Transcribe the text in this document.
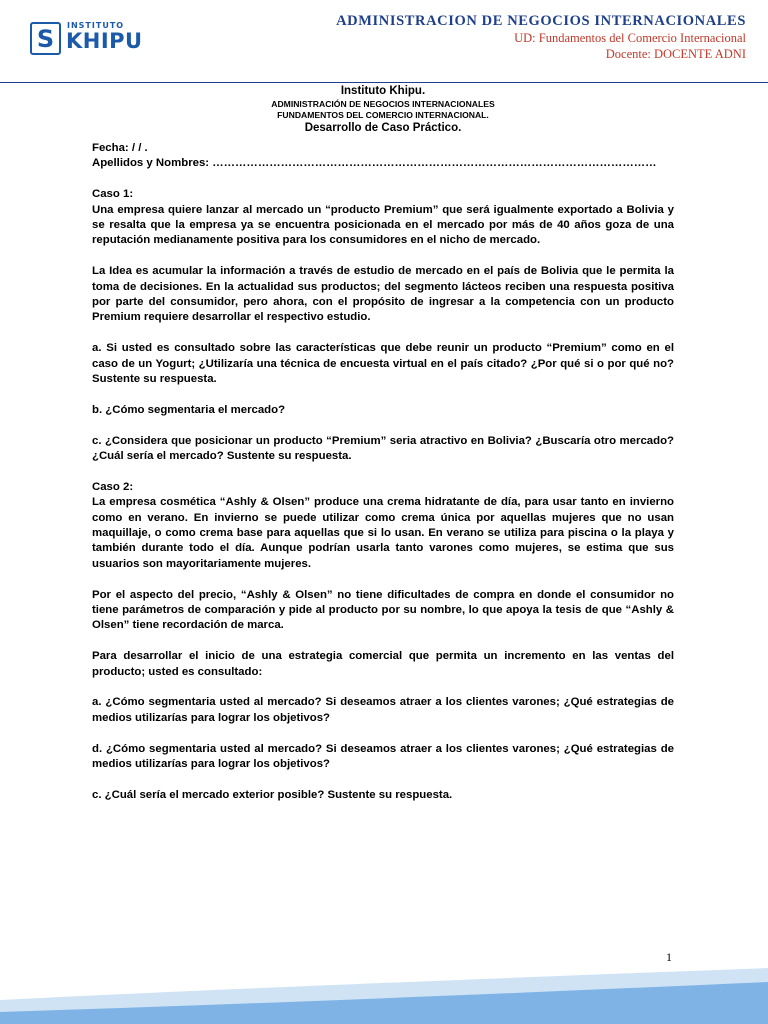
S INSTITUTO
KHIPU
ADMINISTRACION DE NEGOCIOS INTERNACIONALES
UD: Fundamentos del Comercio Internacional
Docente: DOCENTE ADNI
Instituto Khipu.
ADMINISTRACIÓN DE NEGOCIOS INTERNACIONALES
FUNDAMENTOS DEL COMERCIO INTERNACIONAL.
Desarrollo de Caso Práctico.

Fecha: / / .

Apellidos y Nombres: ………………………………………………………………………………………………………

Caso 1:

Una empresa quiere lanzar al mercado un “producto Premium” que será igualmente exportado a Bolivia y se resalta que la empresa ya se encuentra posicionada en el mercado por más de 40 años goza de una reputación medianamente positiva para los consumidores en el nicho de mercado.

La Idea es acumular la información a través de estudio de mercado en el país de Bolivia que le permita la toma de decisiones. En la actualidad sus productos; del segmento lácteos reciben una respuesta positiva por parte del consumidor, pero ahora, con el propósito de ingresar a la competencia con un producto Premium requiere desarrollar el respectivo estudio.

a. Si usted es consultado sobre las características que debe reunir un producto “Premium” como en el caso de un Yogurt; ¿Utilizaría una técnica de encuesta virtual en el país citado? ¿Por qué si o por qué no? Sustente su respuesta.

b. ¿Cómo segmentaria el mercado?

c. ¿Considera que posicionar un producto “Premium” seria atractivo en Bolivia? ¿Buscaría otro mercado? ¿Cuál sería el mercado? Sustente su respuesta.

Caso 2:

La empresa cosmética “Ashly & Olsen” produce una crema hidratante de día, para usar tanto en invierno como en verano. En invierno se puede utilizar como crema única por aquellas mujeres que no usan maquillaje, o como crema base para aquellas que si lo usan. En verano se utiliza para piscina o la playa y también durante todo el día. Aunque podrían usarla tanto varones como mujeres, se estima que sus usuarios son mayoritariamente mujeres.

Por el aspecto del precio, “Ashly & Olsen” no tiene dificultades de compra en donde el consumidor no tiene parámetros de comparación y pide al producto por su nombre, lo que apoya la tesis de que “Ashly & Olsen” tiene recordación de marca.

Para desarrollar el inicio de una estrategia comercial que permita un incremento en las ventas del producto; usted es consultado:

a. ¿Cómo segmentaria usted al mercado? Si deseamos atraer a los clientes varones; ¿Qué estrategias de medios utilizarías para lograr los objetivos?

d. ¿Cómo segmentaria usted al mercado? Si deseamos atraer a los clientes varones; ¿Qué estrategias de medios utilizarías para lograr los objetivos?

c. ¿Cuál sería el mercado exterior posible? Sustente su respuesta.

1
